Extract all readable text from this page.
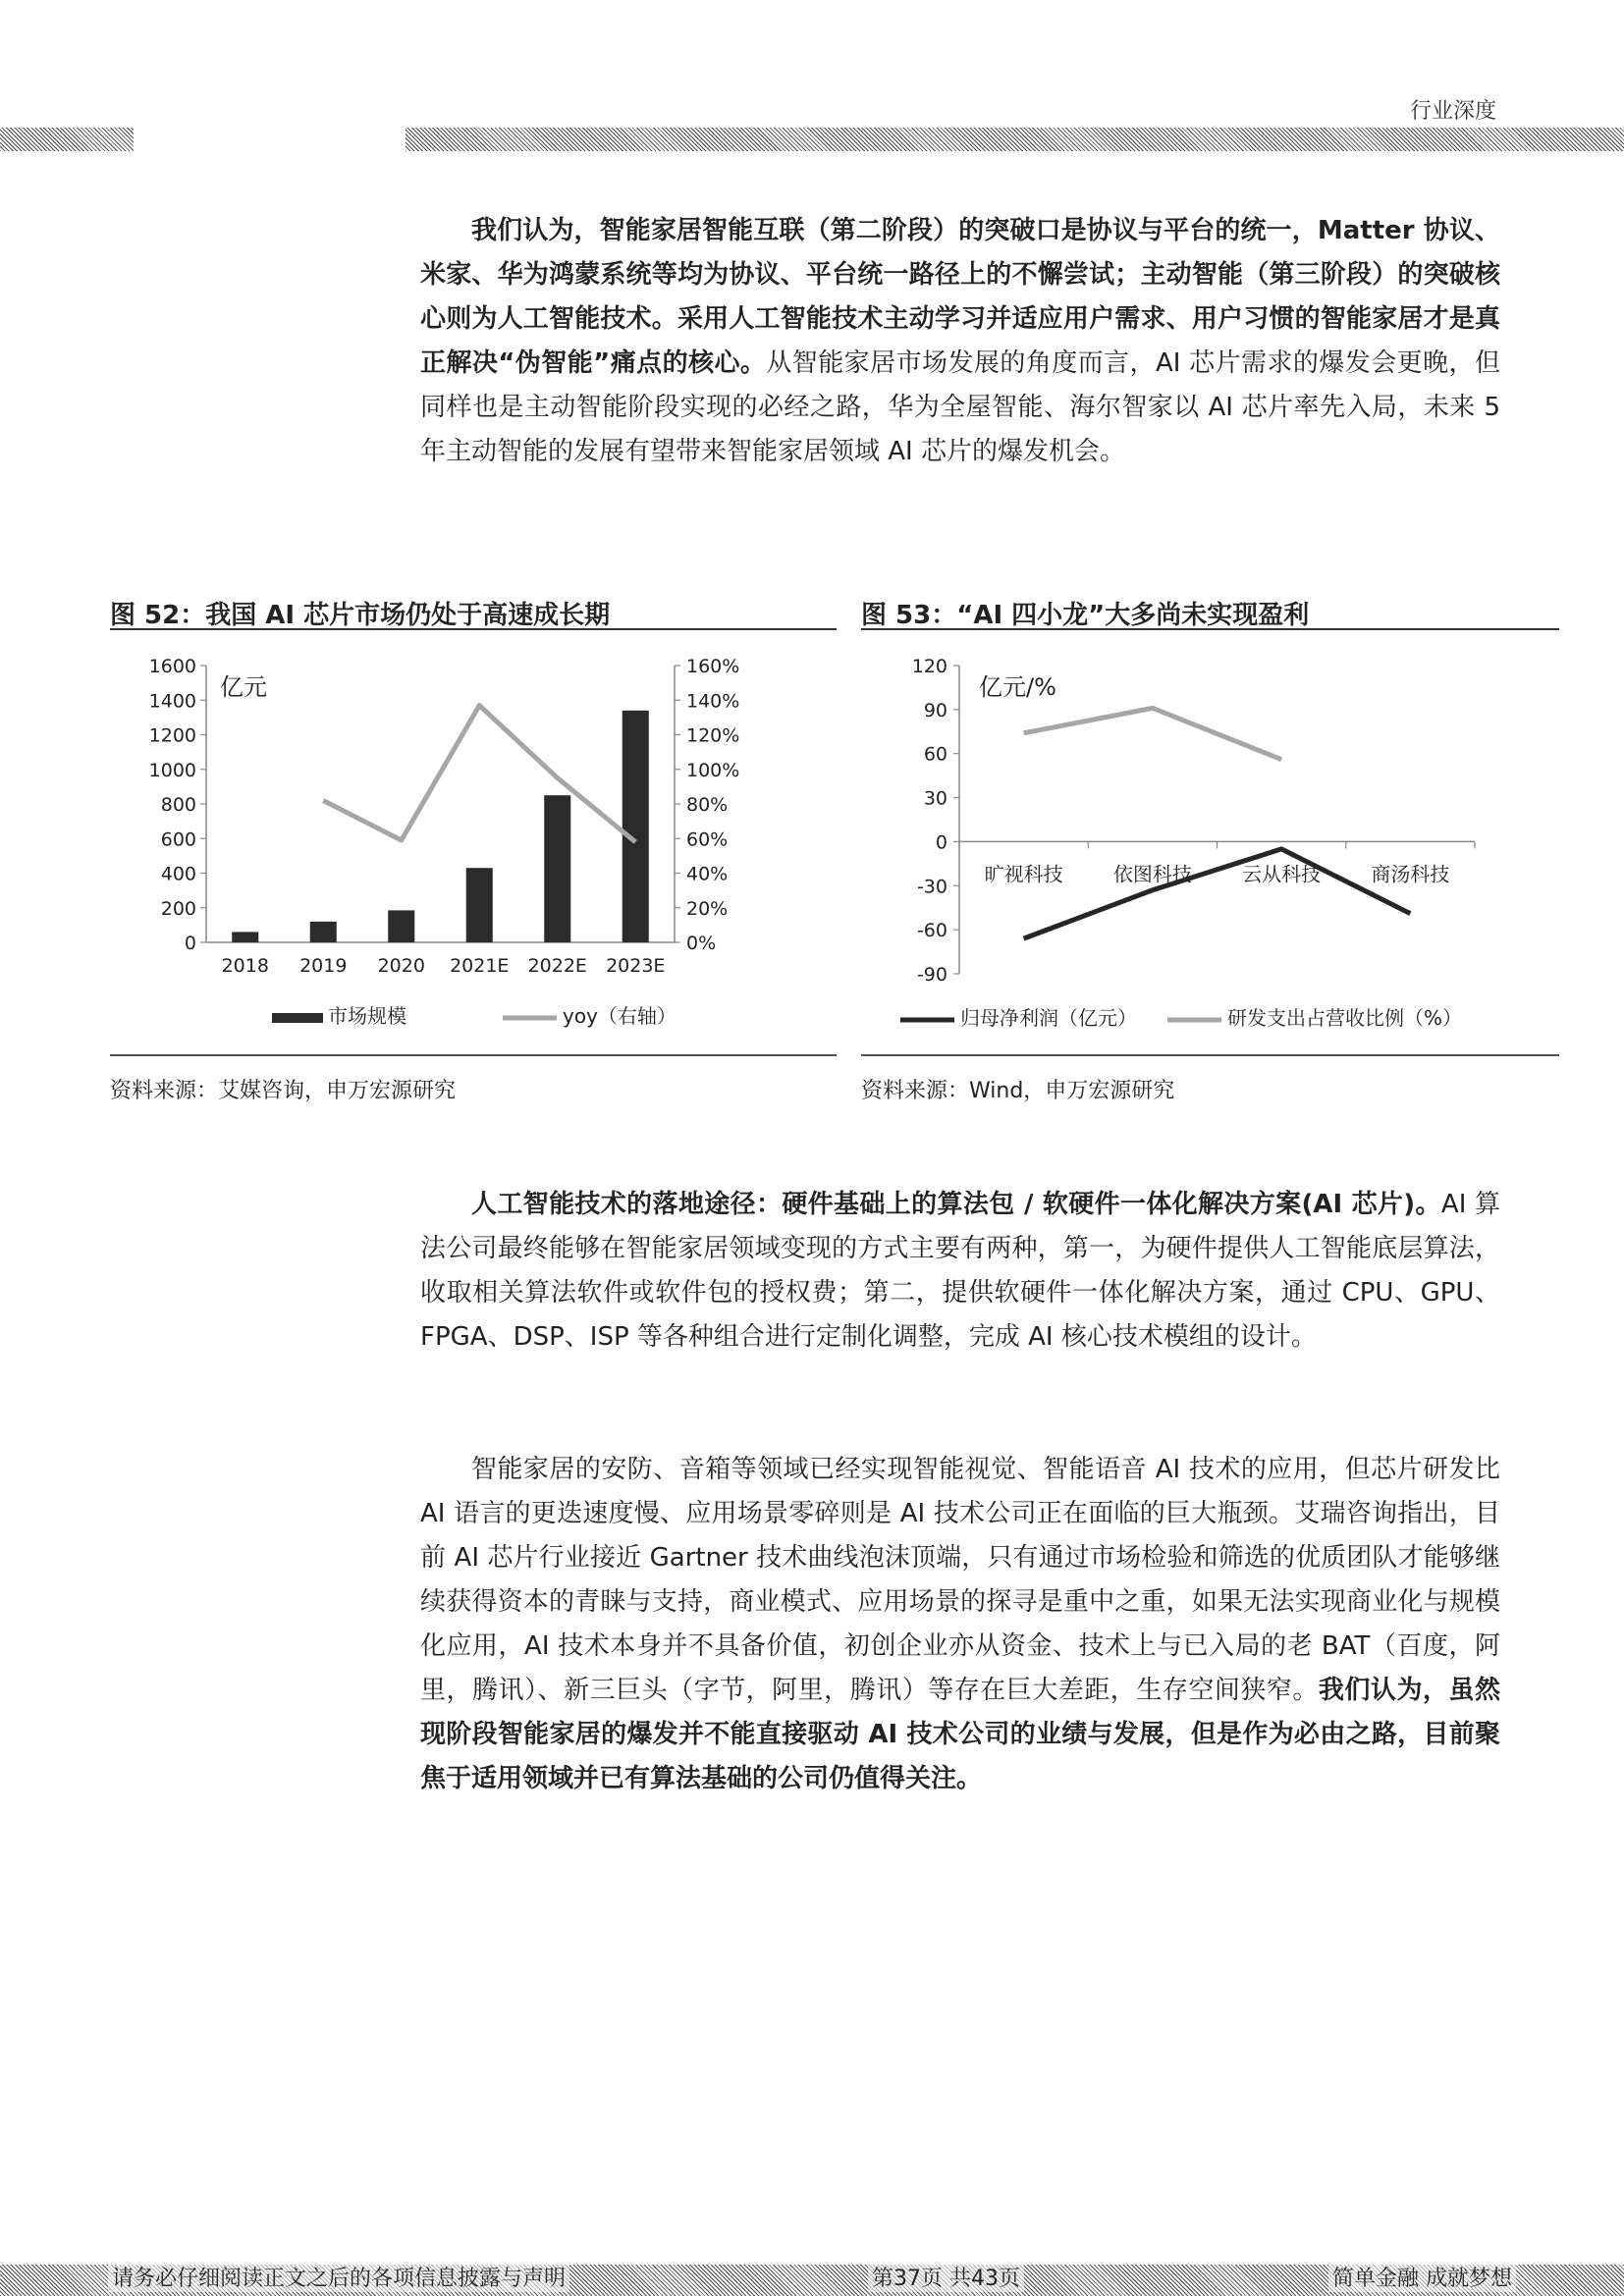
行业深度

我们认为，智能家居智能互联（第二阶段）的突破口是协议与平台的统一，Matter 协议、米家、华为鸿蒙系统等均为协议、平台统一路径上的不懈尝试；主动智能（第三阶段）的突破核心则为人工智能技术。采用人工智能技术主动学习并适应用户需求、用户习惯的智能家居才是真正解决“伪智能”痛点的核心。从智能家居市场发展的角度而言，AI 芯片需求的爆发会更晚，但同样也是主动智能阶段实现的必经之路，华为全屋智能、海尔智家以 AI 芯片率先入局，未来 5 年主动智能的发展有望带来智能家居领域 AI 芯片的爆发机会。

图 52：我国 AI 芯片市场仍处于高速成长期
0
200
400
600
800
1000
1200
1400
1600
0%
20%
40%
60%
80%
100%
120%
140%
160%
2018 2019 2020 2021E 2022E 2023E
亿元
市场规模	yoy（右轴）
资料来源：艾媒咨询，申万宏源研究
图 53：“AI 四小龙”大多尚未实现盈利
-90
-60
-30
0
30
60
90
120
旷视科技	依图科技	云从科技	商汤科技
亿元/%
归母净利润（亿元）	研发支出占营收比例（%）
资料来源：Wind，申万宏源研究

人工智能技术的落地途径：硬件基础上的算法包 / 软硬件一体化解决方案(AI 芯片)。AI 算法公司最终能够在智能家居领域变现的方式主要有两种，第一，为硬件提供人工智能底层算法，收取相关算法软件或软件包的授权费；第二，提供软硬件一体化解决方案，通过 CPU、GPU、FPGA、DSP、ISP 等各种组合进行定制化调整，完成 AI 核心技术模组的设计。

智能家居的安防、音箱等领域已经实现智能视觉、智能语音 AI 技术的应用，但芯片研发比 AI 语言的更迭速度慢、应用场景零碎则是 AI 技术公司正在面临的巨大瓶颈。艾瑞咨询指出，目前 AI 芯片行业接近 Gartner 技术曲线泡沫顶端，只有通过市场检验和筛选的优质团队才能够继续获得资本的青睐与支持，商业模式、应用场景的探寻是重中之重，如果无法实现商业化与规模化应用，AI 技术本身并不具备价值，初创企业亦从资金、技术上与已入局的老 BAT（百度，阿里，腾讯）、新三巨头（字节，阿里，腾讯）等存在巨大差距，生存空间狭窄。我们认为，虽然现阶段智能家居的爆发并不能直接驱动 AI 技术公司的业绩与发展，但是作为必由之路，目前聚焦于适用领域并已有算法基础的公司仍值得关注。

请务必仔细阅读正文之后的各项信息披露与声明	第37页 共43页	简单金融 成就梦想
